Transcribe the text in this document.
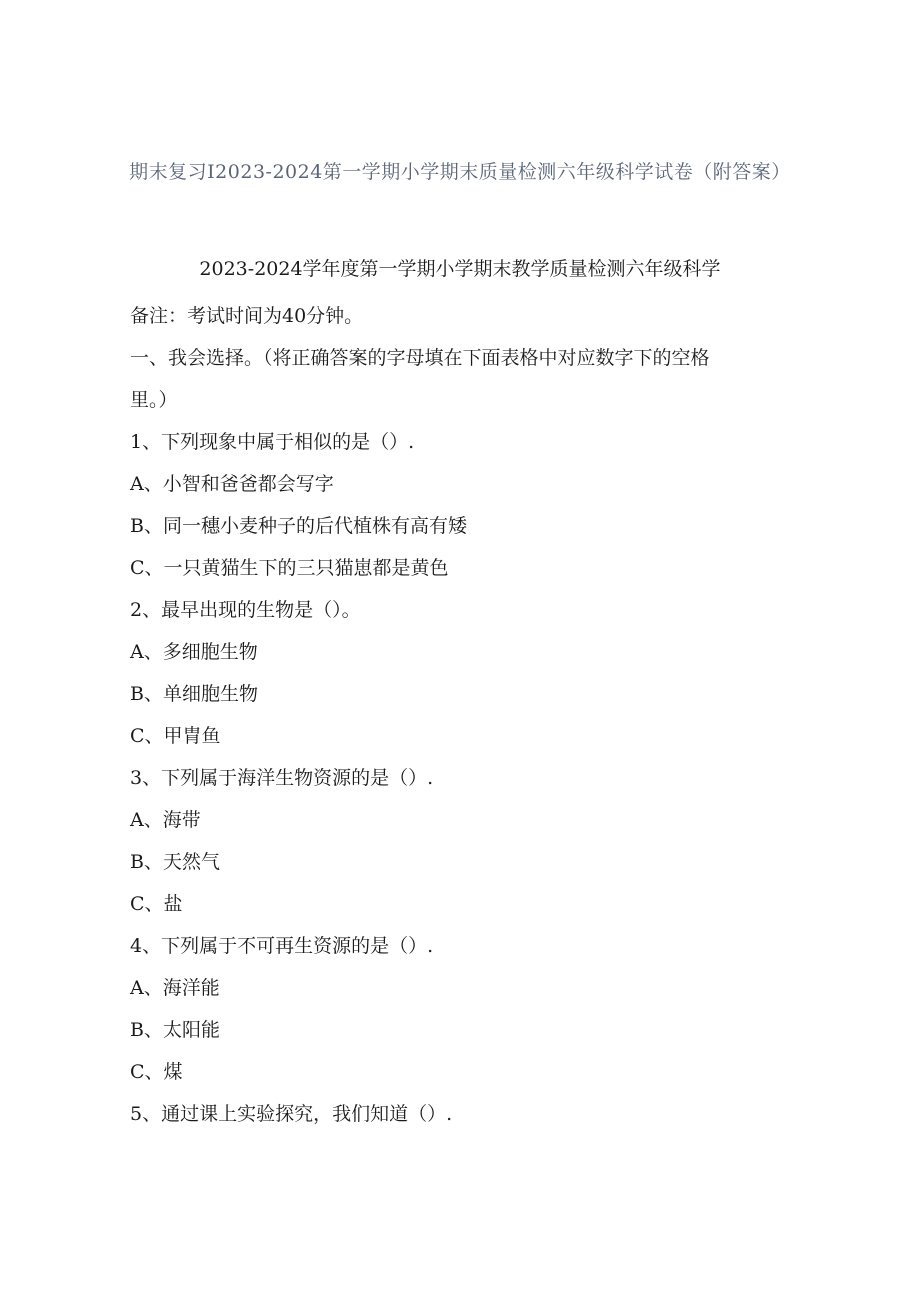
期末复习I2023-2024第一学期小学期末质量检测六年级科学试卷（附答案）
2023-2024学年度第一学期小学期末教学质量检测六年级科学
备注：考试时间为40分钟。
一、我会选择。（将正确答案的字母填在下面表格中对应数字下的空格
里。）
1、下列现象中属于相似的是（）.
A、小智和爸爸都会写字
B、同一穗小麦种子的后代植株有高有矮
C、一只黄猫生下的三只猫崽都是黄色
2、最早出现的生物是（）。
A、多细胞生物
B、单细胞生物
C、甲胄鱼
3、下列属于海洋生物资源的是（）.
A、海带
B、天然气
C、盐
4、下列属于不可再生资源的是（）.
A、海洋能
B、太阳能
C、煤
5、通过课上实验探究，我们知道（）.
